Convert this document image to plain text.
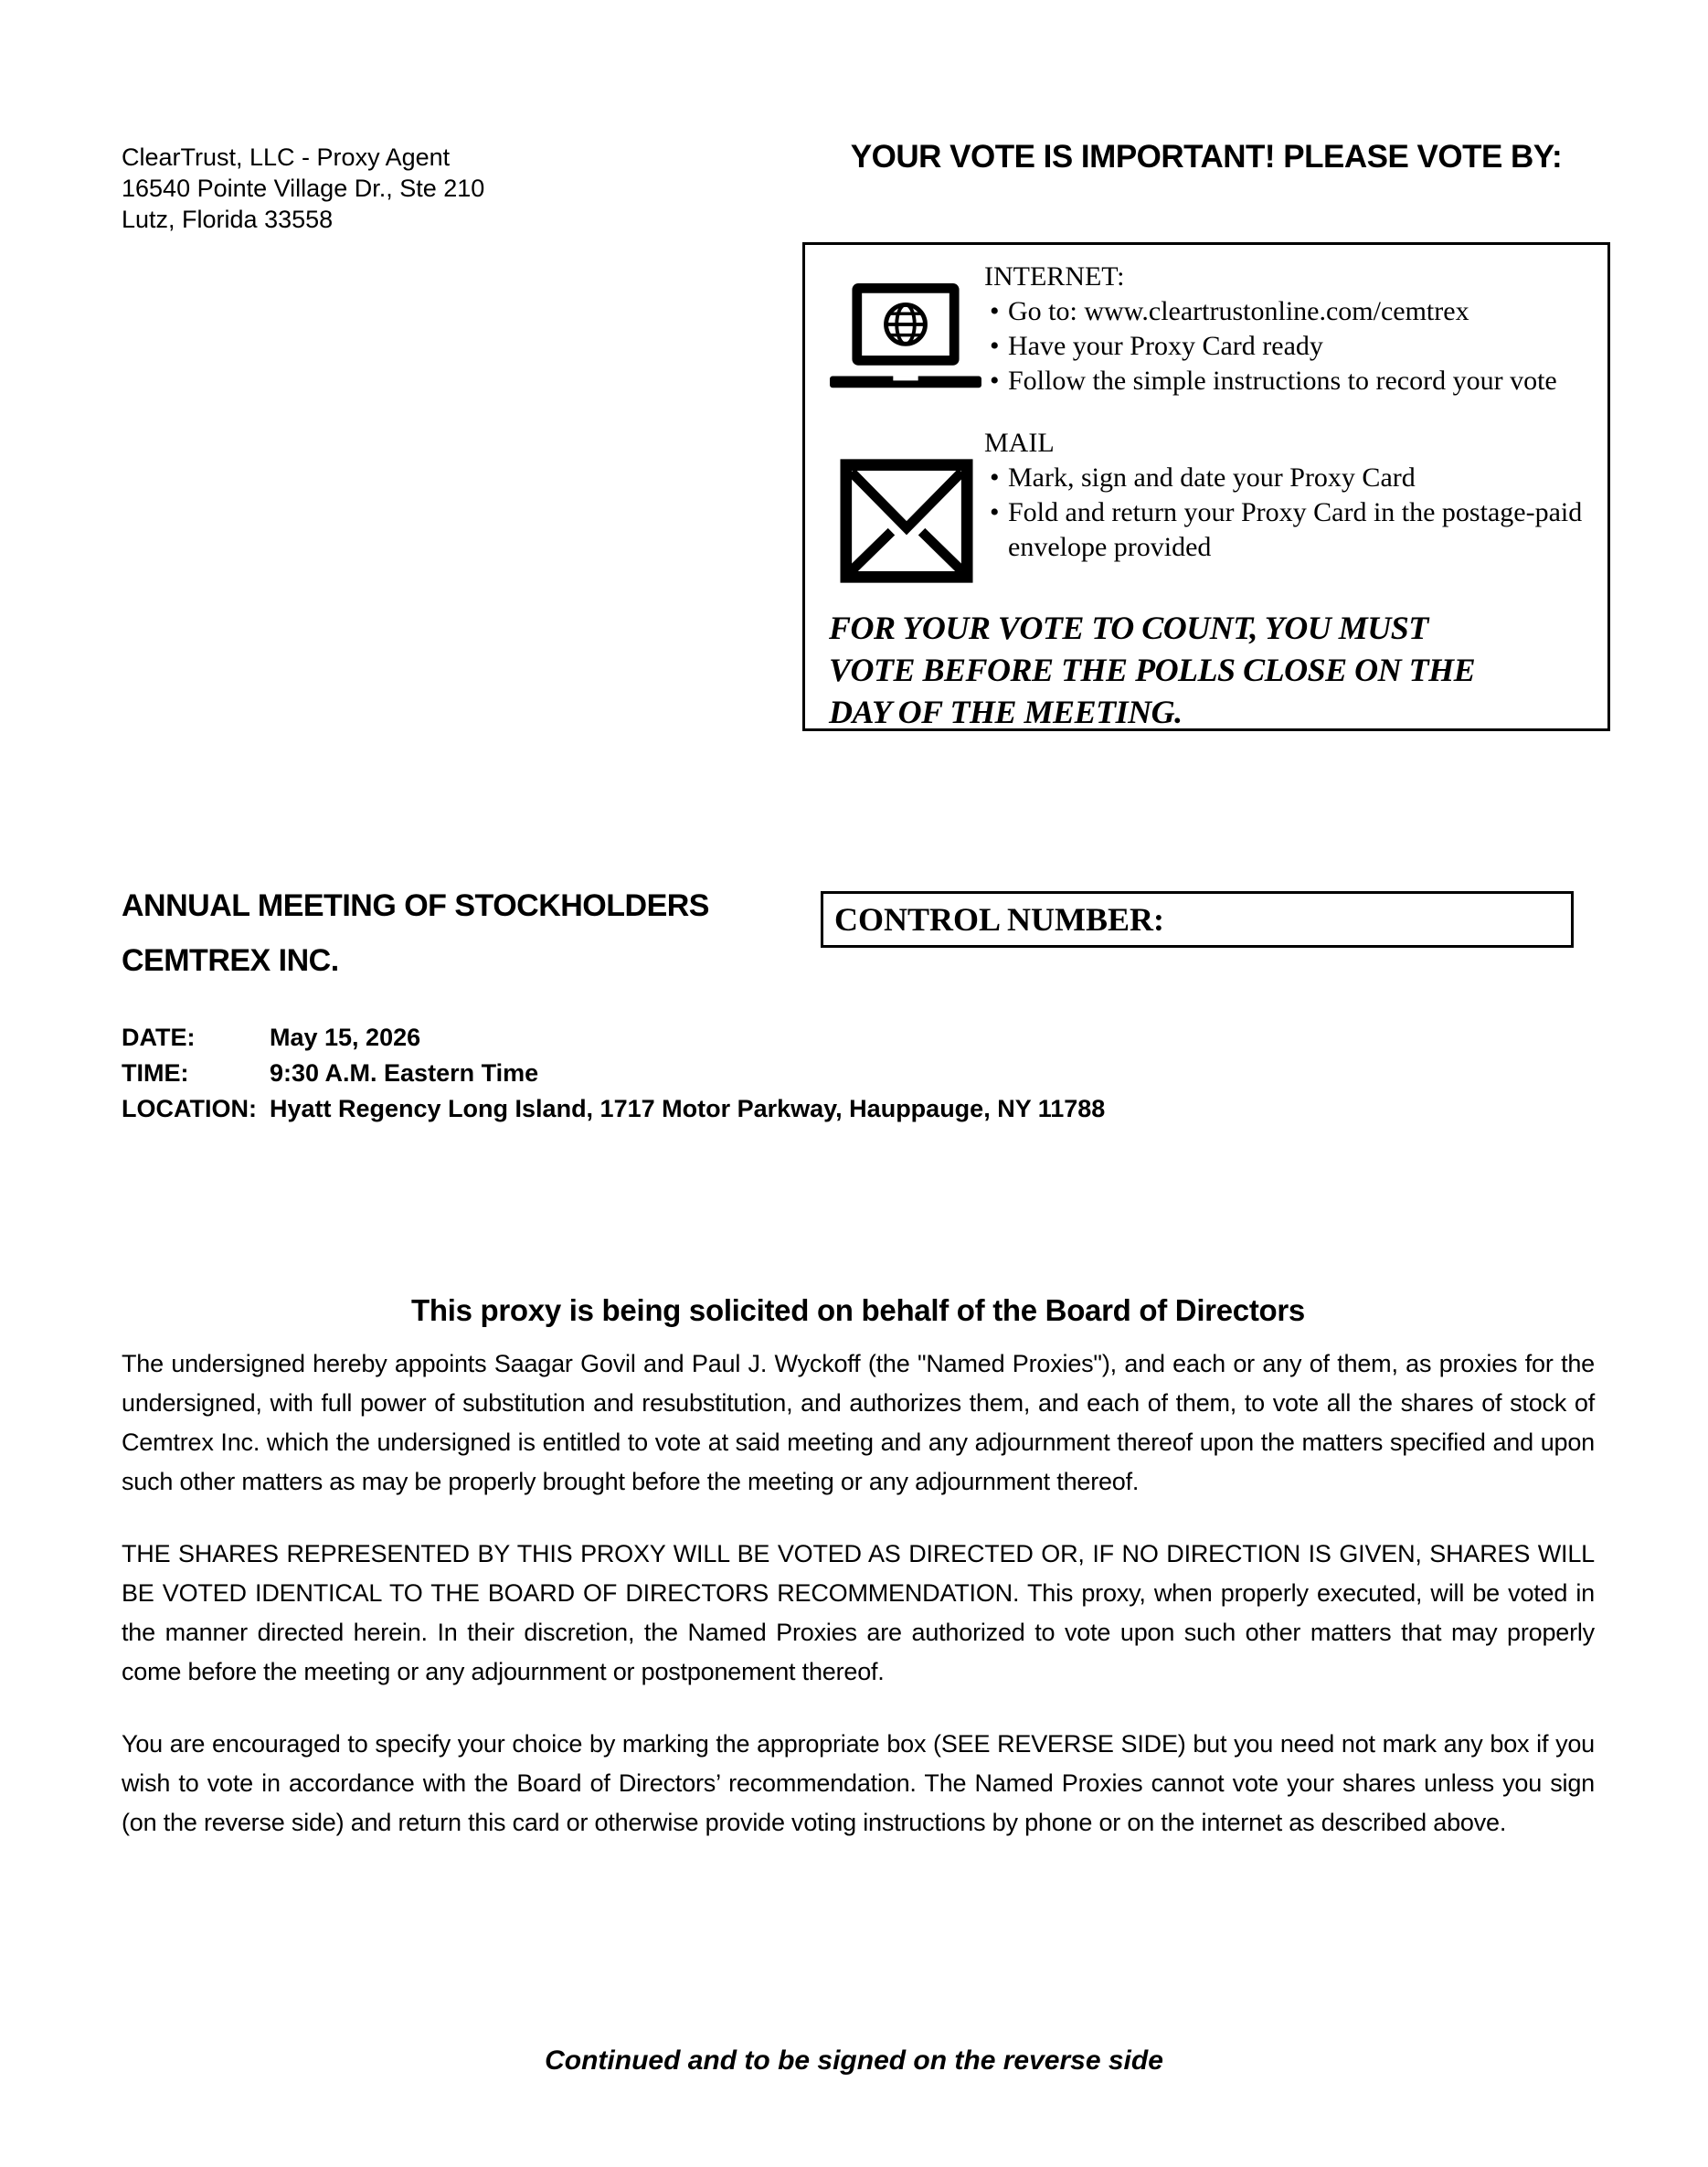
ClearTrust, LLC - Proxy Agent
16540 Pointe Village Dr., Ste 210
Lutz, Florida 33558
YOUR VOTE IS IMPORTANT! PLEASE VOTE BY:
INTERNET:
• Go to: www.cleartrustonline.com/cemtrex
• Have your Proxy Card ready
• Follow the simple instructions to record your vote
MAIL
• Mark, sign and date your Proxy Card
• Fold and return your Proxy Card in the postage-paid envelope provided
FOR YOUR VOTE TO COUNT, YOU MUST VOTE BEFORE THE POLLS CLOSE ON THE DAY OF THE MEETING.
ANNUAL MEETING OF STOCKHOLDERS
CEMTREX INC.
CONTROL NUMBER:
DATE:	May 15, 2026
TIME:	9:30 A.M. Eastern Time
LOCATION: Hyatt Regency Long Island, 1717 Motor Parkway, Hauppauge, NY 11788
This proxy is being solicited on behalf of the Board of Directors

The undersigned hereby appoints Saagar Govil and Paul J. Wyckoff (the "Named Proxies"), and each or any of them, as proxies for the undersigned, with full power of substitution and resubstitution, and authorizes them, and each of them, to vote all the shares of stock of Cemtrex Inc. which the undersigned is entitled to vote at said meeting and any adjournment thereof upon the matters specified and upon such other matters as may be properly brought before the meeting or any adjournment thereof.

THE SHARES REPRESENTED BY THIS PROXY WILL BE VOTED AS DIRECTED OR, IF NO DIRECTION IS GIVEN, SHARES WILL BE VOTED IDENTICAL TO THE BOARD OF DIRECTORS RECOMMENDATION. This proxy, when properly executed, will be voted in the manner directed herein. In their discretion, the Named Proxies are authorized to vote upon such other matters that may properly come before the meeting or any adjournment or postponement thereof.

You are encouraged to specify your choice by marking the appropriate box (SEE REVERSE SIDE) but you need not mark any box if you wish to vote in accordance with the Board of Directors’ recommendation. The Named Proxies cannot vote your shares unless you sign (on the reverse side) and return this card or otherwise provide voting instructions by phone or on the internet as described above.

Continued and to be signed on the reverse side
